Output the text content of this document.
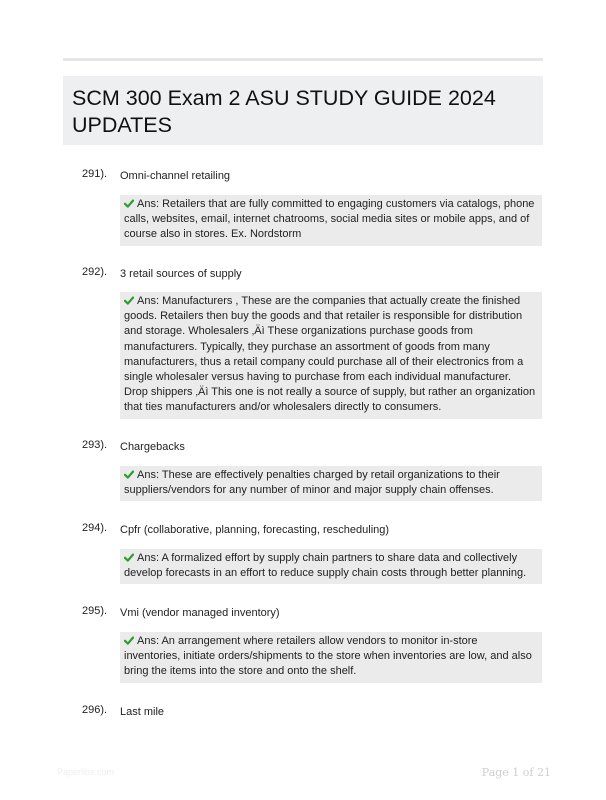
SCM 300 Exam 2 ASU STUDY GUIDE 2024 UPDATES
291). Omni-channel retailing
Ans: Retailers that are fully committed to engaging customers via catalogs, phone calls, websites, email, internet chatrooms, social media sites or mobile apps, and of course also in stores. Ex. Nordstorm
292). 3 retail sources of supply
Ans: Manufacturers , These are the companies that actually create the finished goods. Retailers then buy the goods and that retailer is responsible for distribution and storage. Wholesalers ‚Äì These organizations purchase goods from manufacturers. Typically, they purchase an assortment of goods from many manufacturers, thus a retail company could purchase all of their electronics from a single wholesaler versus having to purchase from each individual manufacturer. Drop shippers ‚Äì This one is not really a source of supply, but rather an organization that ties manufacturers and/or wholesalers directly to consumers.
293). Chargebacks
Ans: These are effectively penalties charged by retail organizations to their suppliers/vendors for any number of minor and major supply chain offenses.
294). Cpfr (collaborative, planning, forecasting, rescheduling)
Ans: A formalized effort by supply chain partners to share data and collectively develop forecasts in an effort to reduce supply chain costs through better planning.
295). Vmi (vendor managed inventory)
Ans: An arrangement where retailers allow vendors to monitor in-store inventories, initiate orders/shipments to the store when inventories are low, and also bring the items into the store and onto the shelf.
296). Last mile
Paperlibs.com	Page 1 of 21
